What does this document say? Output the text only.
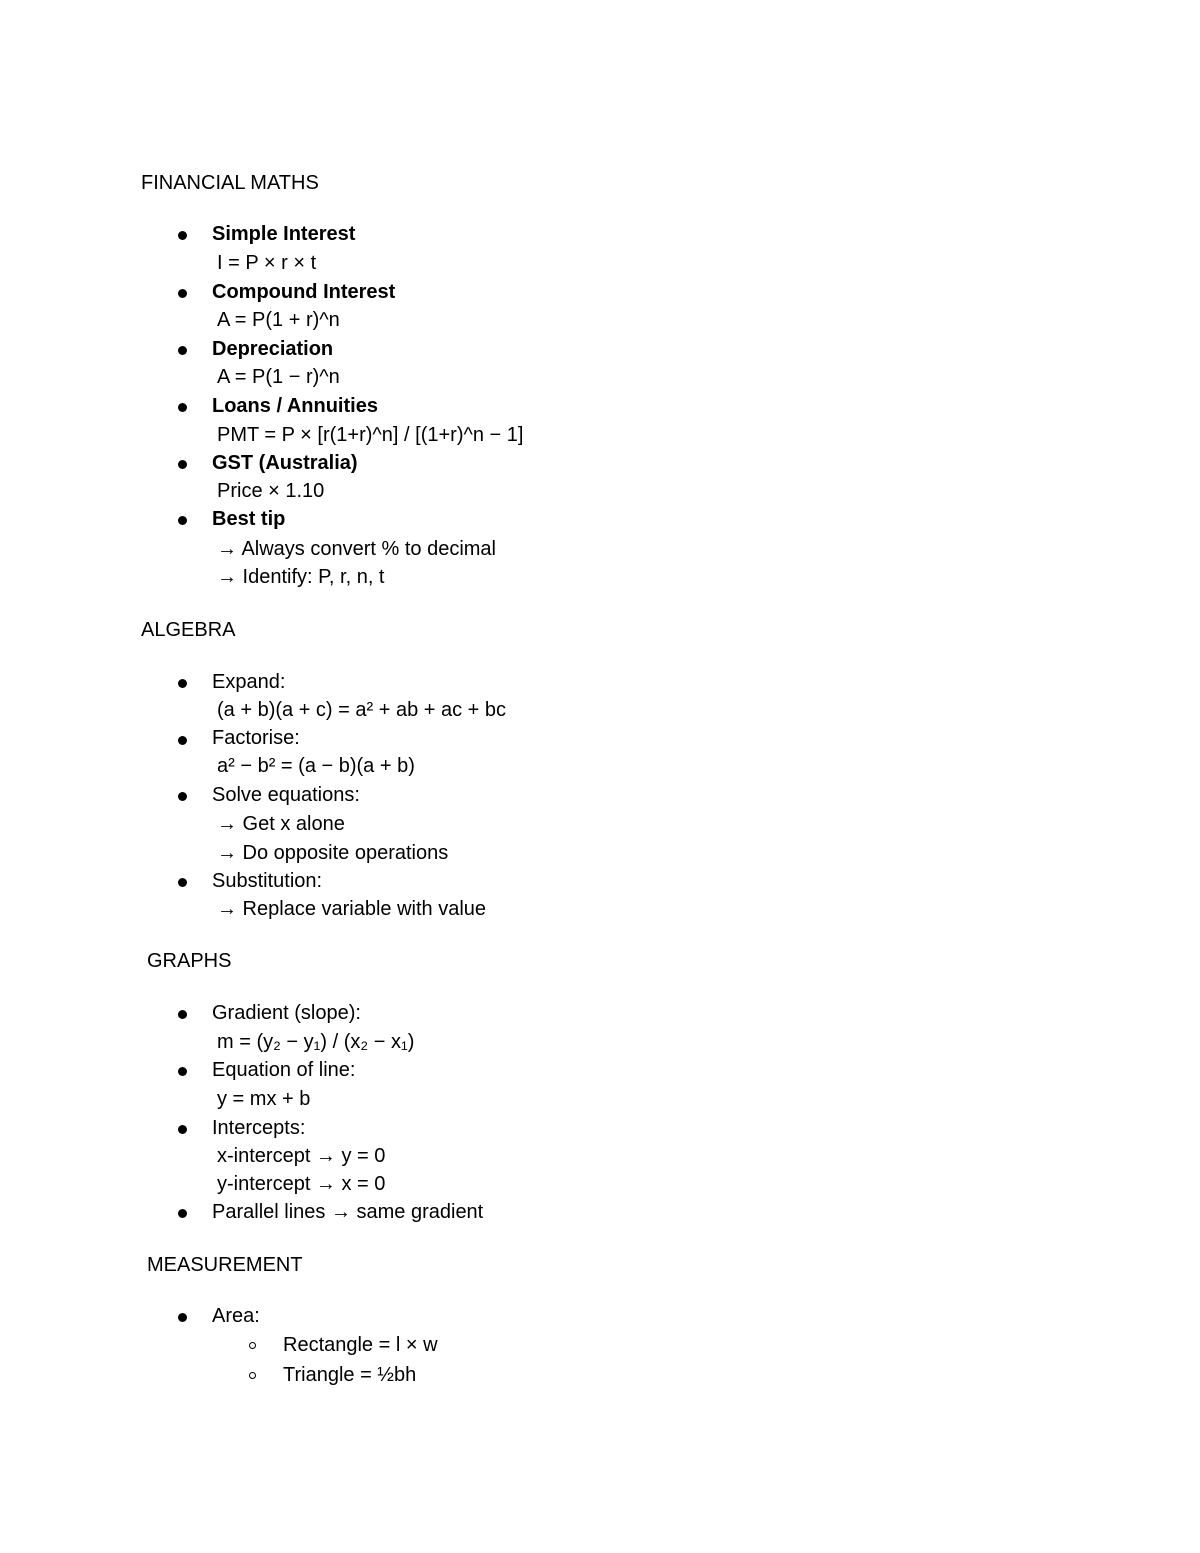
FINANCIAL MATHS
Simple Interest
I = P × r × t
Compound Interest
A = P(1 + r)^n
Depreciation
A = P(1 − r)^n
Loans / Annuities
PMT = P × [r(1+r)^n] / [(1+r)^n − 1]
GST (Australia)
Price × 1.10
Best tip
→ Always convert % to decimal
→ Identify: P, r, n, t
ALGEBRA
Expand:
(a + b)(a + c) = a² + ab + ac + bc
Factorise:
a² − b² = (a − b)(a + b)
Solve equations:
→ Get x alone
→ Do opposite operations
Substitution:
→ Replace variable with value
GRAPHS
Gradient (slope):
m = (y₂ − y₁) / (x₂ − x₁)
Equation of line:
y = mx + b
Intercepts:
x-intercept → y = 0
y-intercept → x = 0
Parallel lines → same gradient
MEASUREMENT
Area:
Rectangle = l × w
Triangle = ½bh
